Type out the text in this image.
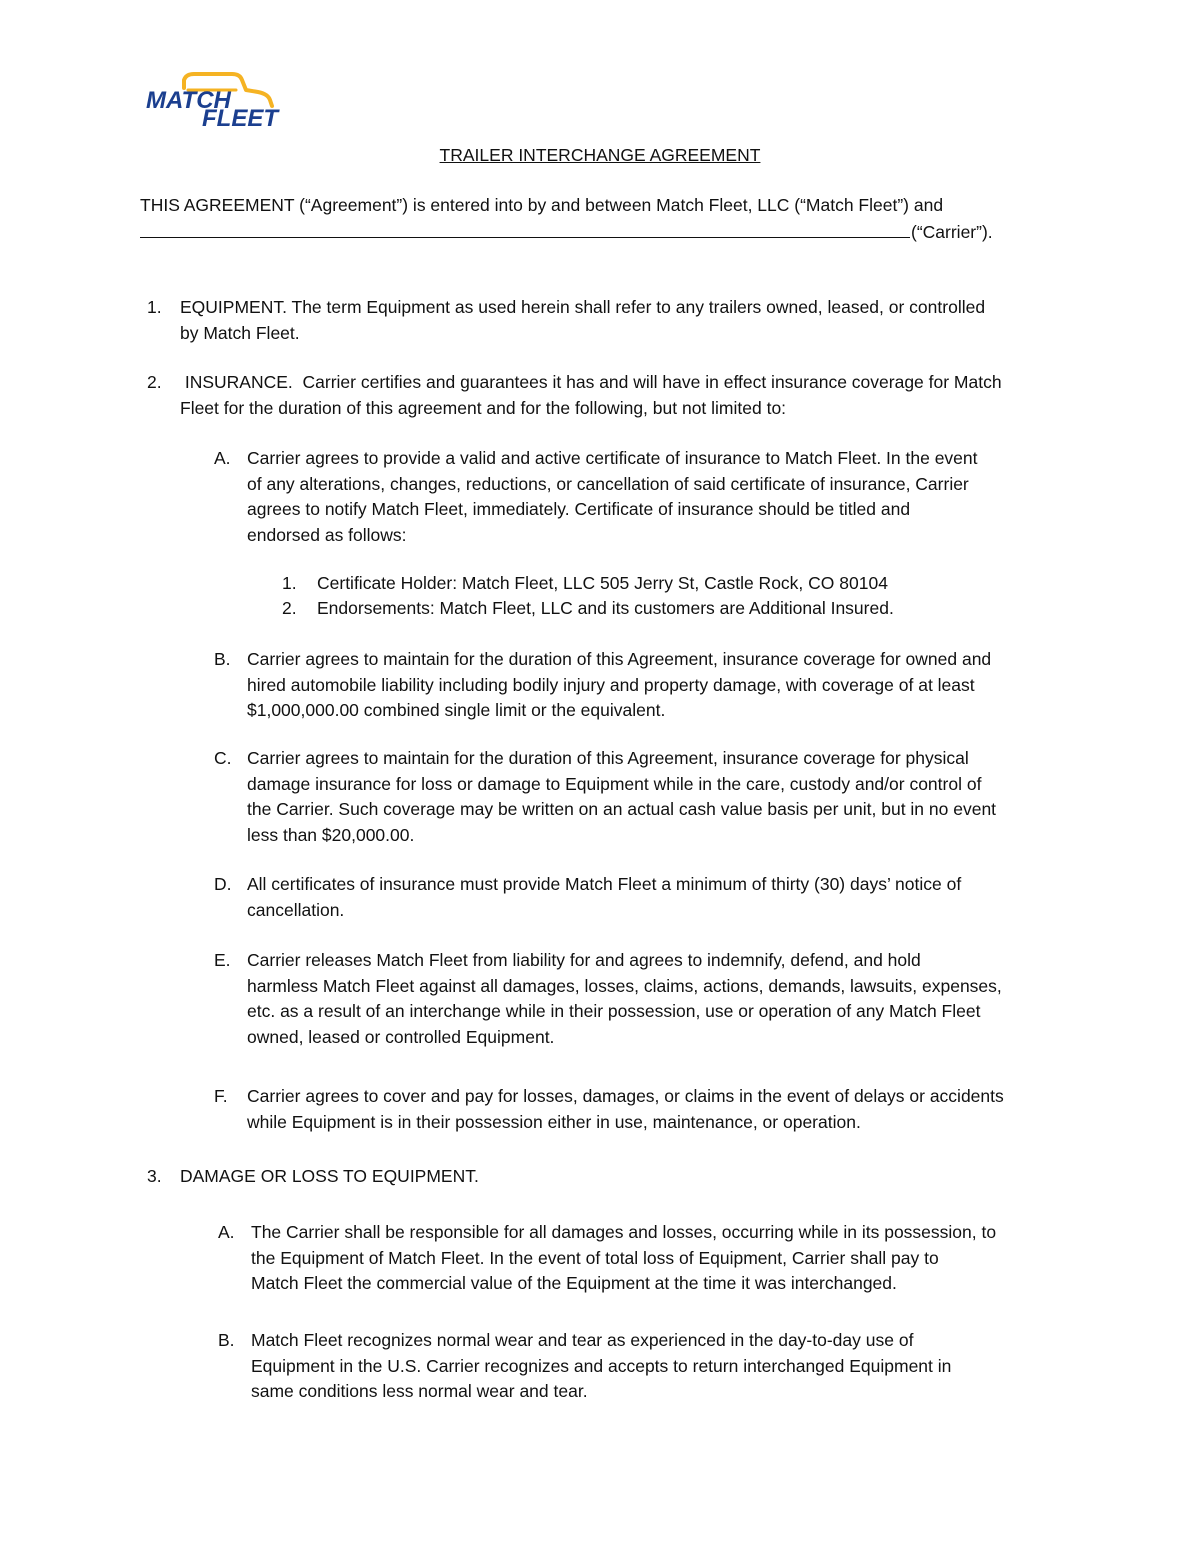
MATCH
FLEET
TRAILER INTERCHANGE AGREEMENT
THIS AGREEMENT (“Agreement”) is entered into by and between Match Fleet, LLC (“Match Fleet”) and
(“Carrier”).
1. EQUIPMENT. The term Equipment as used herein shall refer to any trailers owned, leased, or controlled
by Match Fleet.
2. INSURANCE.  Carrier certifies and guarantees it has and will have in effect insurance coverage for Match
Fleet for the duration of this agreement and for the following, but not limited to:
A. Carrier agrees to provide a valid and active certificate of insurance to Match Fleet. In the event
of any alterations, changes, reductions, or cancellation of said certificate of insurance, Carrier
agrees to notify Match Fleet, immediately. Certificate of insurance should be titled and
endorsed as follows:
1. Certificate Holder: Match Fleet, LLC 505 Jerry St, Castle Rock, CO 80104
2. Endorsements: Match Fleet, LLC and its customers are Additional Insured.
B. Carrier agrees to maintain for the duration of this Agreement, insurance coverage for owned and
hired automobile liability including bodily injury and property damage, with coverage of at least
$1,000,000.00 combined single limit or the equivalent.
C. Carrier agrees to maintain for the duration of this Agreement, insurance coverage for physical
damage insurance for loss or damage to Equipment while in the care, custody and/or control of
the Carrier. Such coverage may be written on an actual cash value basis per unit, but in no event
less than $20,000.00.
D. All certificates of insurance must provide Match Fleet a minimum of thirty (30) days’ notice of
cancellation.
E. Carrier releases Match Fleet from liability for and agrees to indemnify, defend, and hold
harmless Match Fleet against all damages, losses, claims, actions, demands, lawsuits, expenses,
etc. as a result of an interchange while in their possession, use or operation of any Match Fleet
owned, leased or controlled Equipment.
F. Carrier agrees to cover and pay for losses, damages, or claims in the event of delays or accidents
while Equipment is in their possession either in use, maintenance, or operation.
3. DAMAGE OR LOSS TO EQUIPMENT.
A. The Carrier shall be responsible for all damages and losses, occurring while in its possession, to
the Equipment of Match Fleet. In the event of total loss of Equipment, Carrier shall pay to
Match Fleet the commercial value of the Equipment at the time it was interchanged.
B. Match Fleet recognizes normal wear and tear as experienced in the day-to-day use of
Equipment in the U.S. Carrier recognizes and accepts to return interchanged Equipment in
same conditions less normal wear and tear.
